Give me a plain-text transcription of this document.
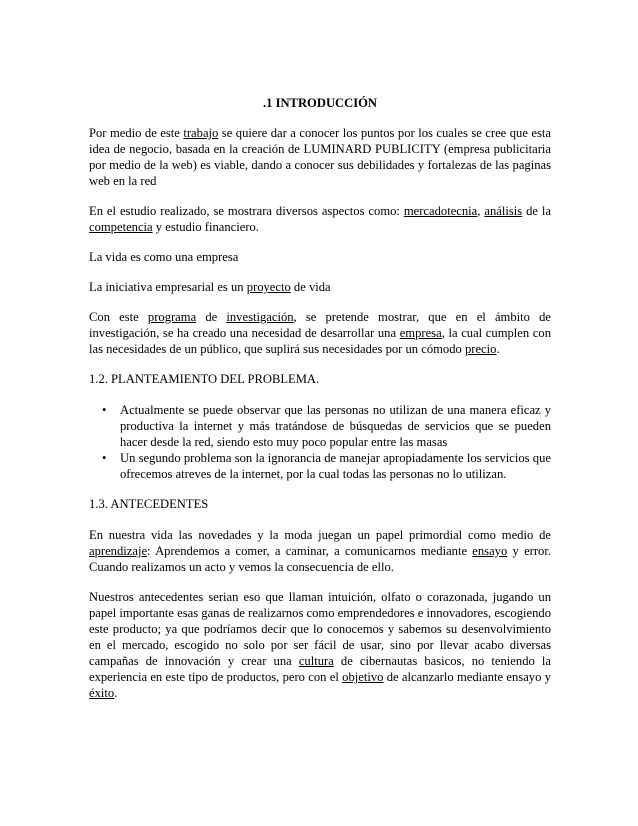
.1 INTRODUCCIÓN

Por medio de este trabajo se quiere dar a conocer los puntos por los cuales se cree que esta idea de negocio, basada en la creación de LUMINARD PUBLICITY (empresa publicitaria por medio de la web) es viable, dando a conocer sus debilidades y fortalezas de las paginas web en la red

En el estudio realizado, se mostrara diversos aspectos como: mercadotecnia, análisis de la competencia y estudio financiero.

La vida es como una empresa

La iniciativa empresarial es un proyecto de vida

Con este programa de investigación, se pretende mostrar, que en el ámbito de investigación, se ha creado una necesidad de desarrollar una empresa, la cual cumplen con las necesidades de un público, que suplirá sus necesidades por un cómodo precio.

1.2. PLANTEAMIENTO DEL PROBLEMA.

• Actualmente se puede observar que las personas no utilizan de una manera eficaz y productiva la internet y más tratándose de búsquedas de servicios que se pueden hacer desde la red, siendo esto muy poco popular entre las masas
• Un segundo problema son la ignorancia de manejar apropiadamente los servicios que ofrecemos atreves de la internet, por la cual todas las personas no lo utilizan.

1.3. ANTECEDENTES

En nuestra vida las novedades y la moda juegan un papel primordial como medio de aprendizaje: Aprendemos a comer, a caminar, a comunicarnos mediante ensayo y error. Cuando realizamos un acto y vemos la consecuencia de ello.

Nuestros antecedentes serian eso que llaman intuición, olfato o corazonada, jugando un papel importante esas ganas de realizarnos como emprendedores e innovadores, escogiendo este producto; ya que podríamos decir que lo conocemos y sabemos su desenvolvimiento en el mercado, escogido no solo por ser fácil de usar, sino por llevar acabo diversas campañas de innovación y crear una cultura de cibernautas basicos, no teniendo la experiencia en este tipo de productos, pero con el objetivo de alcanzarlo mediante ensayo y éxito.
